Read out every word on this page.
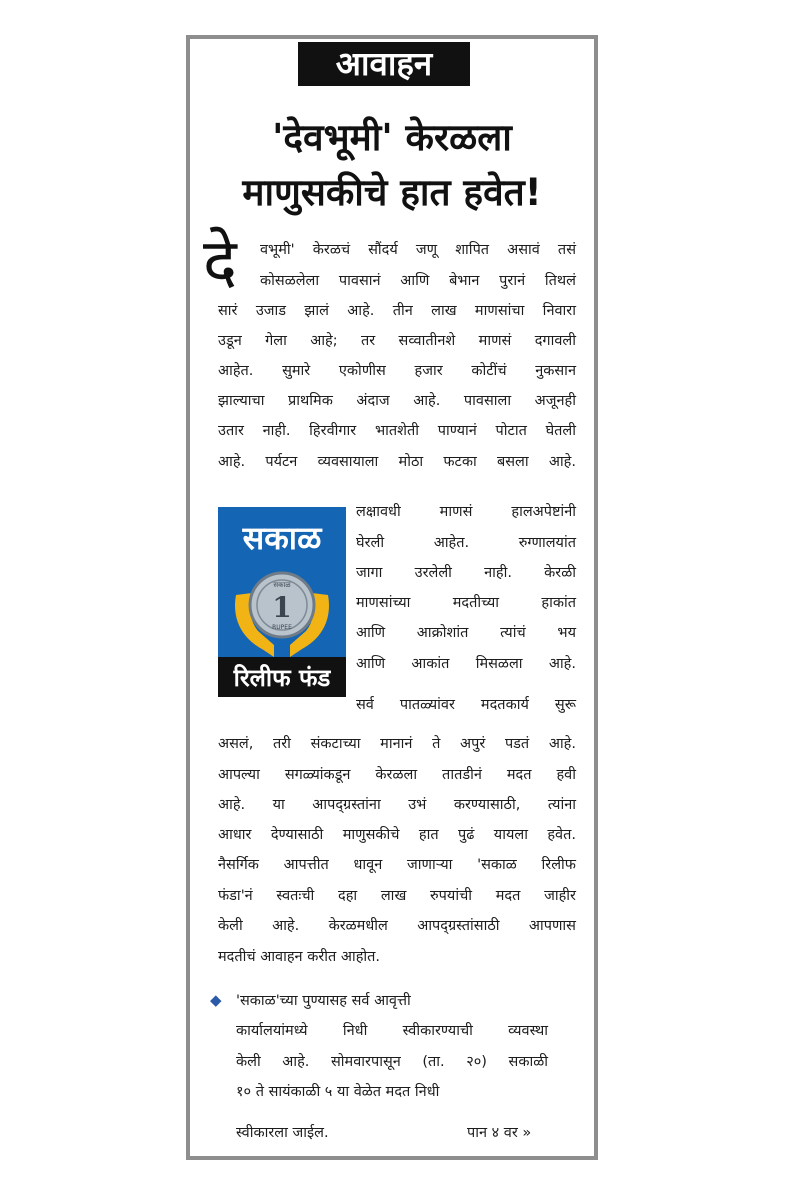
आवाहन
'देवभूमी' केरळला
माणुसकीचे हात हवेत!
दे वभूमी' केरळचं सौंदर्य जणू शापित असावं तसं
कोसळलेला पावसानं आणि बेभान पुरानं तिथलं
सारं उजाड झालं आहे. तीन लाख माणसांचा निवारा
उडून गेला आहे; तर सव्वातीनशे माणसं दगावली
आहेत. सुमारे एकोणीस हजार कोटींचं नुकसान
झाल्याचा प्राथमिक अंदाज आहे. पावसाला अजूनही
उतार नाही. हिरवीगार भातशेती पाण्यानं पोटात घेतली
आहे. पर्यटन व्यवसायाला मोठा फटका बसला आहे.
सकाळ
सकाळ
1
RUPEE
रिलीफ फंड
लक्षावधी माणसं हालअपेष्टांनी
घेरली आहेत. रुग्णालयांत
जागा उरलेली नाही. केरळी
माणसांच्या मदतीच्या हाकांत
आणि आक्रोशांत त्यांचं भय
आणि आकांत मिसळला आहे.
सर्व पातळ्यांवर मदतकार्य सुरू
असलं, तरी संकटाच्या मानानं ते अपुरं पडतं आहे.
आपल्या सगळ्यांकडून केरळला तातडीनं मदत हवी
आहे. या आपद्ग्रस्तांना उभं करण्यासाठी, त्यांना
आधार देण्यासाठी माणुसकीचे हात पुढं यायला हवेत.
नैसर्गिक आपत्तीत धावून जाणाऱ्या 'सकाळ रिलीफ
फंडा'नं स्वतःची दहा लाख रुपयांची मदत जाहीर
केली आहे. केरळमधील आपद्ग्रस्तांसाठी आपणास
मदतीचं आवाहन करीत आहोत.
◆ 'सकाळ'च्या पुण्यासह सर्व आवृत्ती
कार्यालयांमध्ये निधी स्वीकारण्याची व्यवस्था
केली आहे. सोमवारपासून (ता. २०) सकाळी
१० ते सायंकाळी ५ या वेळेत मदत निधी
स्वीकारला जाईल.	पान ४ वर »
